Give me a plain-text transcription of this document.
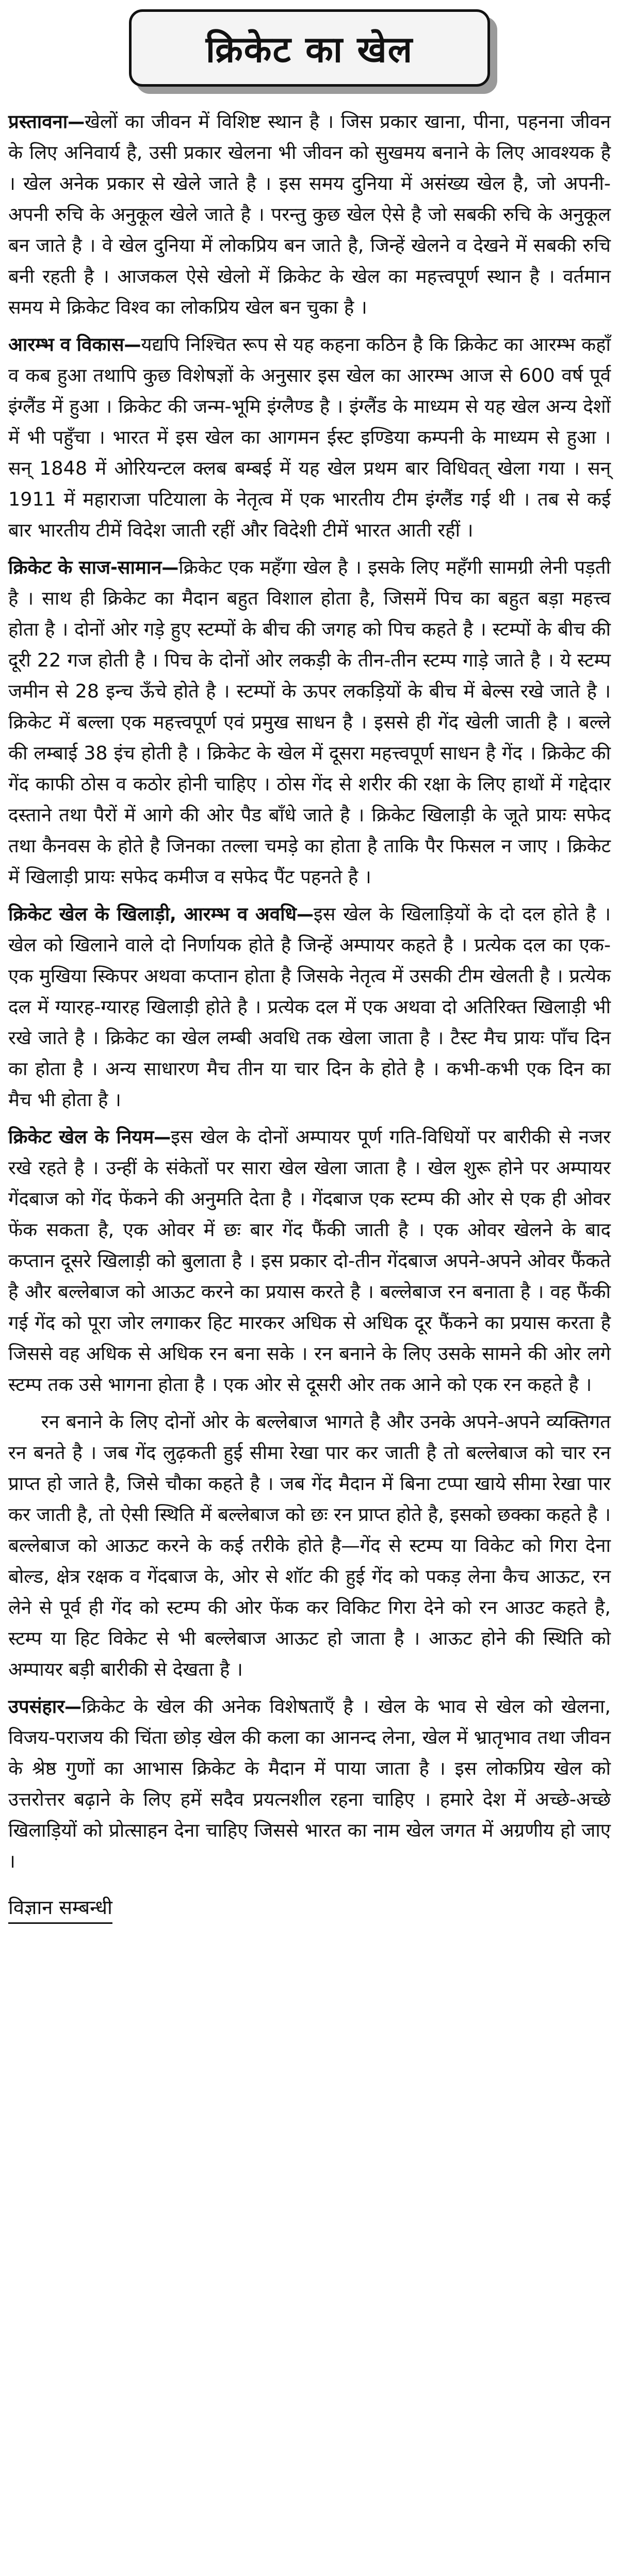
क्रिकेट का खेल

प्रस्तावना—खेलों का जीवन में विशिष्ट स्थान है । जिस प्रकार खाना, पीना, पहनना जीवन के लिए अनिवार्य है, उसी प्रकार खेलना भी जीवन को सुखमय बनाने के लिए आवश्यक है । खेल अनेक प्रकार से खेले जाते है । इस समय दुनिया में असंख्य खेल है, जो अपनी-अपनी रुचि के अनुकूल खेले जाते है । परन्तु कुछ खेल ऐसे है जो सबकी रुचि के अनुकूल बन जाते है । वे खेल दुनिया में लोकप्रिय बन जाते है, जिन्हें खेलने व देखने में सबकी रुचि बनी रहती है । आजकल ऐसे खेलो में क्रिकेट के खेल का महत्त्वपूर्ण स्थान है । वर्तमान समय मे क्रिकेट विश्व का लोकप्रिय खेल बन चुका है ।

आरम्भ व विकास—यद्यपि निश्चित रूप से यह कहना कठिन है कि क्रिकेट का आरम्भ कहाँ व कब हुआ तथापि कुछ विशेषज्ञों के अनुसार इस खेल का आरम्भ आज से 600 वर्ष पूर्व इंग्लैंड में हुआ । क्रिकेट की जन्म-भूमि इंग्लैण्ड है । इंग्लैंड के माध्यम से यह खेल अन्य देशों में भी पहुँचा । भारत में इस खेल का आगमन ईस्ट इण्डिया कम्पनी के माध्यम से हुआ । सन् 1848 में ओरियन्टल क्लब बम्बई में यह खेल प्रथम बार विधिवत् खेला गया । सन् 1911 में महाराजा पटियाला के नेतृत्व में एक भारतीय टीम इंग्लैंड गई थी । तब से कई बार भारतीय टीमें विदेश जाती रहीं और विदेशी टीमें भारत आती रहीं ।

क्रिकेट के साज-सामान—क्रिकेट एक महँगा खेल है । इसके लिए महँगी सामग्री लेनी पड़ती है । साथ ही क्रिकेट का मैदान बहुत विशाल होता है, जिसमें पिच का बहुत बड़ा महत्त्व होता है । दोनों ओर गड़े हुए स्टम्पों के बीच की जगह को पिच कहते है । स्टम्पों के बीच की दूरी 22 गज होती है । पिच के दोनों ओर लकड़ी के तीन-तीन स्टम्प गाड़े जाते है । ये स्टम्प जमीन से 28 इन्च ऊँचे होते है । स्टम्पों के ऊपर लकड़ियों के बीच में बेल्स रखे जाते है । क्रिकेट में बल्ला एक महत्त्वपूर्ण एवं प्रमुख साधन है । इससे ही गेंद खेली जाती है । बल्ले की लम्बाई 38 इंच होती है । क्रिकेट के खेल में दूसरा महत्त्वपूर्ण साधन है गेंद । क्रिकेट की गेंद काफी ठोस व कठोर होनी चाहिए । ठोस गेंद से शरीर की रक्षा के लिए हाथों में गद्देदार दस्ताने तथा पैरों में आगे की ओर पैड बाँधे जाते है । क्रिकेट खिलाड़ी के जूते प्रायः सफेद तथा कैनवस के होते है जिनका तल्ला चमड़े का होता है ताकि पैर फिसल न जाए । क्रिकेट में खिलाड़ी प्रायः सफेद कमीज व सफेद पैंट पहनते है ।

क्रिकेट खेल के खिलाड़ी, आरम्भ व अवधि—इस खेल के खिलाड़ियों के दो दल होते है । खेल को खिलाने वाले दो निर्णायक होते है जिन्हें अम्पायर कहते है । प्रत्येक दल का एक-एक मुखिया स्किपर अथवा कप्तान होता है जिसके नेतृत्व में उसकी टीम खेलती है । प्रत्येक दल में ग्यारह-ग्यारह खिलाड़ी होते है । प्रत्येक दल में एक अथवा दो अतिरिक्त खिलाड़ी भी रखे जाते है । क्रिकेट का खेल लम्बी अवधि तक खेला जाता है । टैस्ट मैच प्रायः पाँच दिन का होता है । अन्य साधारण मैच तीन या चार दिन के होते है । कभी-कभी एक दिन का मैच भी होता है ।

क्रिकेट खेल के नियम—इस खेल के दोनों अम्पायर पूर्ण गति-विधियों पर बारीकी से नजर रखे रहते है । उन्हीं के संकेतों पर सारा खेल खेला जाता है । खेल शुरू होने पर अम्पायर गेंदबाज को गेंद फेंकने की अनुमति देता है । गेंदबाज एक स्टम्प की ओर से एक ही ओवर फेंक सकता है, एक ओवर में छः बार गेंद फैंकी जाती है । एक ओवर खेलने के बाद कप्तान दूसरे खिलाड़ी को बुलाता है । इस प्रकार दो-तीन गेंदबाज अपने-अपने ओवर फैंकते है और बल्लेबाज को आऊट करने का प्रयास करते है । बल्लेबाज रन बनाता है । वह फैंकी गई गेंद को पूरा जोर लगाकर हिट मारकर अधिक से अधिक दूर फैंकने का प्रयास करता है जिससे वह अधिक से अधिक रन बना सके । रन बनाने के लिए उसके सामने की ओर लगे स्टम्प तक उसे भागना होता है । एक ओर से दूसरी ओर तक आने को एक रन कहते है ।

रन बनाने के लिए दोनों ओर के बल्लेबाज भागते है और उनके अपने-अपने व्यक्तिगत रन बनते है । जब गेंद लुढ़कती हुई सीमा रेखा पार कर जाती है तो बल्लेबाज को चार रन प्राप्त हो जाते है, जिसे चौका कहते है । जब गेंद मैदान में बिना टप्पा खाये सीमा रेखा पार कर जाती है, तो ऐसी स्थिति में बल्लेबाज को छः रन प्राप्त होते है, इसको छक्का कहते है । बल्लेबाज को आऊट करने के कई तरीके होते है—गेंद से स्टम्प या विकेट को गिरा देना बोल्ड, क्षेत्र रक्षक व गेंदबाज के, ओर से शॉट की हुई गेंद को पकड़ लेना कैच आऊट, रन लेने से पूर्व ही गेंद को स्टम्प की ओर फेंक कर विकिट गिरा देने को रन आउट कहते है, स्टम्प या हिट विकेट से भी बल्लेबाज आऊट हो जाता है । आऊट होने की स्थिति को अम्पायर बड़ी बारीकी से देखता है ।

उपसंहार—क्रिकेट के खेल की अनेक विशेषताएँ है । खेल के भाव से खेल को खेलना, विजय-पराजय की चिंता छोड़ खेल की कला का आनन्द लेना, खेल में भ्रातृभाव तथा जीवन के श्रेष्ठ गुणों का आभास क्रिकेट के मैदान में पाया जाता है । इस लोकप्रिय खेल को उत्तरोत्तर बढ़ाने के लिए हमें सदैव प्रयत्नशील रहना चाहिए । हमारे देश में अच्छे-अच्छे खिलाड़ियों को प्रोत्साहन देना चाहिए जिससे भारत का नाम खेल जगत में अग्रणीय हो जाए ।

विज्ञान सम्बन्धी
